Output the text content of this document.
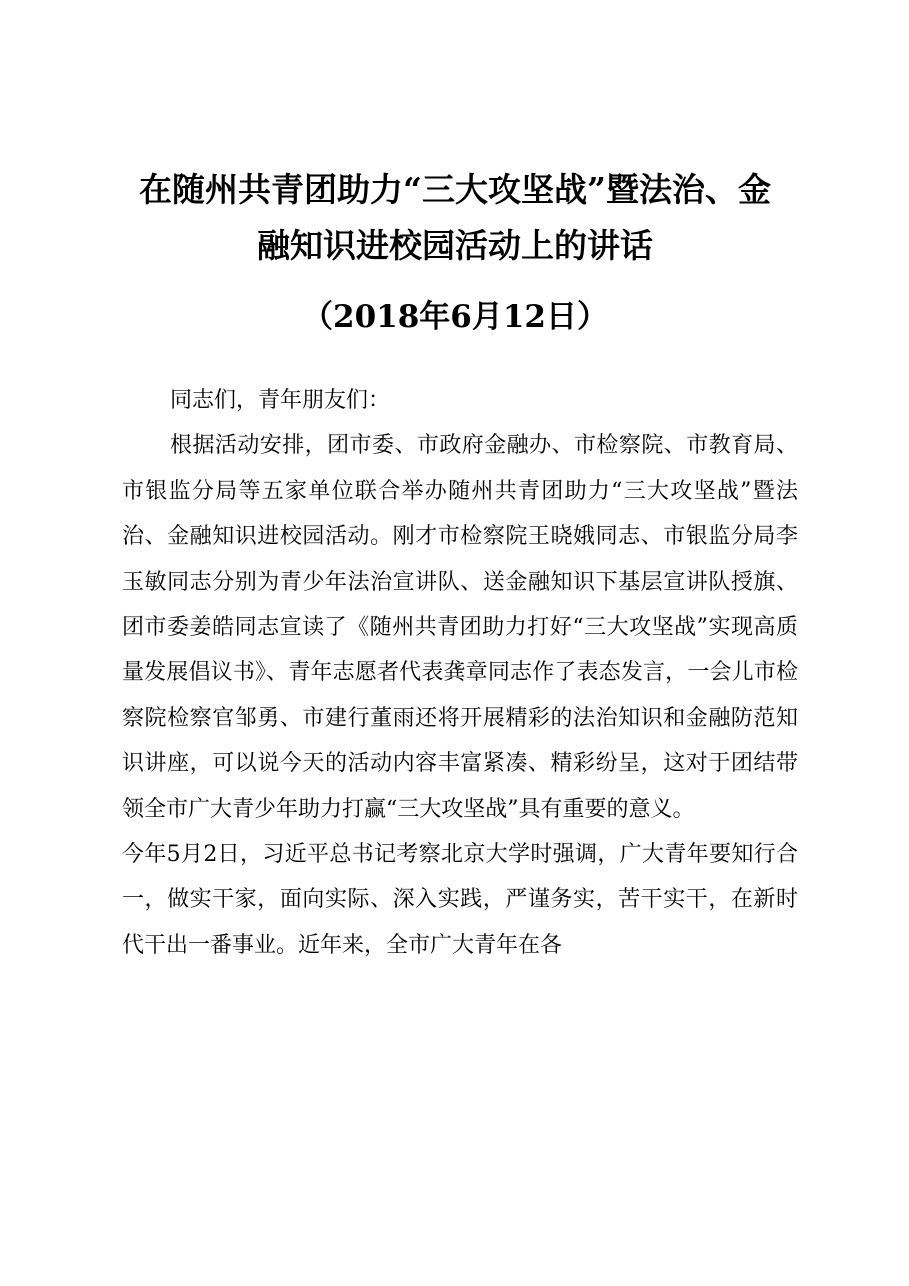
在随州共青团助力“三大攻坚战”暨法治、金
融知识进校园活动上的讲话
（2018年6月12日）

同志们，青年朋友们：

根据活动安排，团市委、市政府金融办、市检察院、市教育局、市银监分局等五家单位联合举办随州共青团助力“三大攻坚战”暨法治、金融知识进校园活动。刚才市检察院王晓娥同志、市银监分局李玉敏同志分别为青少年法治宣讲队、送金融知识下基层宣讲队授旗、团市委姜皓同志宣读了《随州共青团助力打好“三大攻坚战”实现高质量发展倡议书》、青年志愿者代表龚章同志作了表态发言，一会儿市检察院检察官邹勇、市建行董雨还将开展精彩的法治知识和金融防范知识讲座，可以说今天的活动内容丰富紧凑、精彩纷呈，这对于团结带领全市广大青少年助力打赢“三大攻坚战”具有重要的意义。

今年5月2日，习近平总书记考察北京大学时强调，广大青年要知行合一，做实干家，面向实际、深入实践，严谨务实，苦干实干，在新时代干出一番事业。近年来，全市广大青年在各
